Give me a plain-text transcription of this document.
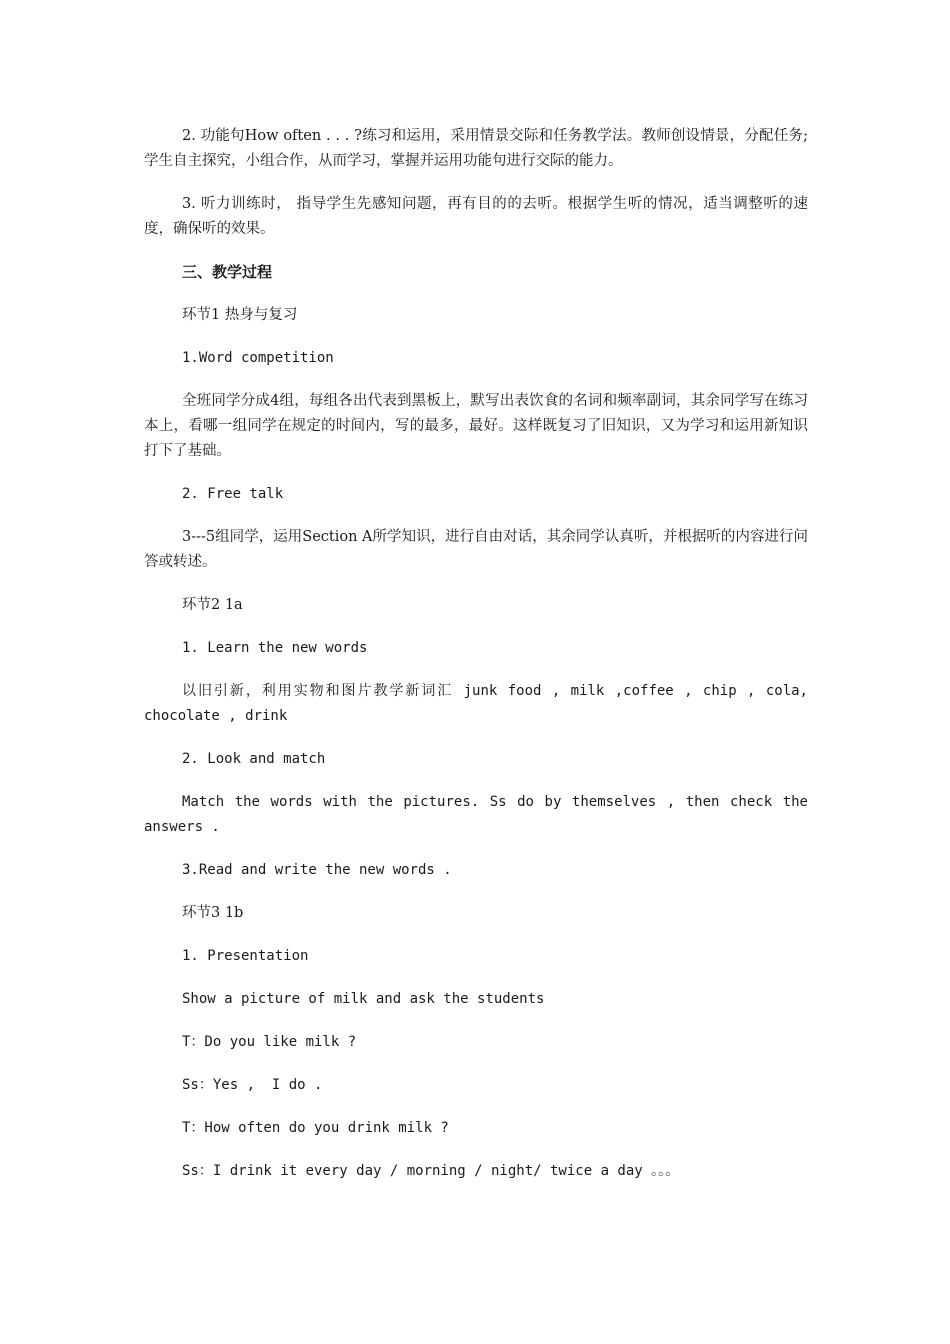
2. 功能句How often . . . ?练习和运用，采用情景交际和任务教学法。教师创设情景，分配任务;学生自主探究，小组合作，从而学习，掌握并运用功能句进行交际的能力。

3. 听力训练时， 指导学生先感知问题，再有目的的去听。根据学生听的情况，适当调整听的速度，确保听的效果。

三、教学过程

环节1 热身与复习

1.Word competition

全班同学分成4组，每组各出代表到黑板上，默写出表饮食的名词和频率副词，其余同学写在练习本上，看哪一组同学在规定的时间内，写的最多，最好。这样既复习了旧知识，又为学习和运用新知识打下了基础。

2. Free talk

3---5组同学，运用Section A所学知识，进行自由对话，其余同学认真听，并根据听的内容进行问答或转述。

环节2 1a

1. Learn the new words

以旧引新，利用实物和图片教学新词汇 junk food , milk ,coffee , chip , cola, chocolate , drink

2. Look and match

Match the words with the pictures. Ss do by themselves , then check the answers .

3.Read and write the new words .

环节3 1b

1. Presentation

Show a picture of milk and ask the students

T：Do you like milk ?

Ss：Yes ,  I do .

T：How often do you drink milk ?

Ss：I drink it every day / morning / night/ twice a day 。。。
